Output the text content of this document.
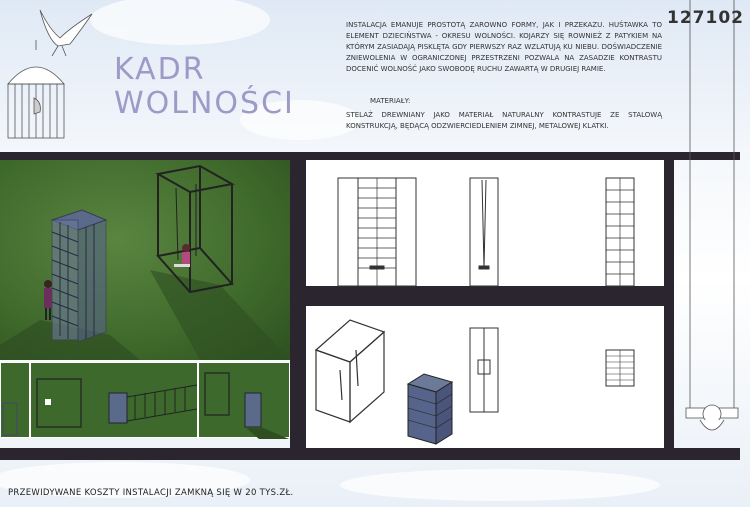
127102
KADR
WOLNOŚCI
INSTALACJA EMANUJE PROSTOTĄ ZAROWNO FORMY, JAK I PRZEKAZU. HUŚTAWKA TO ELEMENT DZIECIŃSTWA - OKRESU WOLNOŚCI. KOJARZY SIĘ ROWNIEŻ Z PATYKIEM NA KTÓRYM ZASIADAJĄ PISKLĘTA GDY PIERWSZY RAZ WZLATUJĄ KU NIEBU. DOŚWIADCZENIE ZNIEWOLENIA W OGRANICZONEJ PRZESTRZENI POZWALA NA ZASADZIE KONTRASTU DOCENIĆ WOLNOŚĆ JAKO SWOBODĘ RUCHU ZAWARTĄ W DRUGIEJ RAMIE.
MATERIAŁY:
STELAŻ DREWNIANY JAKO MATERIAŁ NATURALNY KONTRASTUJE ZE STALOWĄ KONSTRUKCJĄ, BĘDĄCĄ ODZWIERCIEDLENIEM ZIMNEJ, METALOWEJ KLATKI.
PRZEWIDYWANE KOSZTY INSTALACJI ZAMKNĄ SIĘ W 20 TYS.ZŁ.
